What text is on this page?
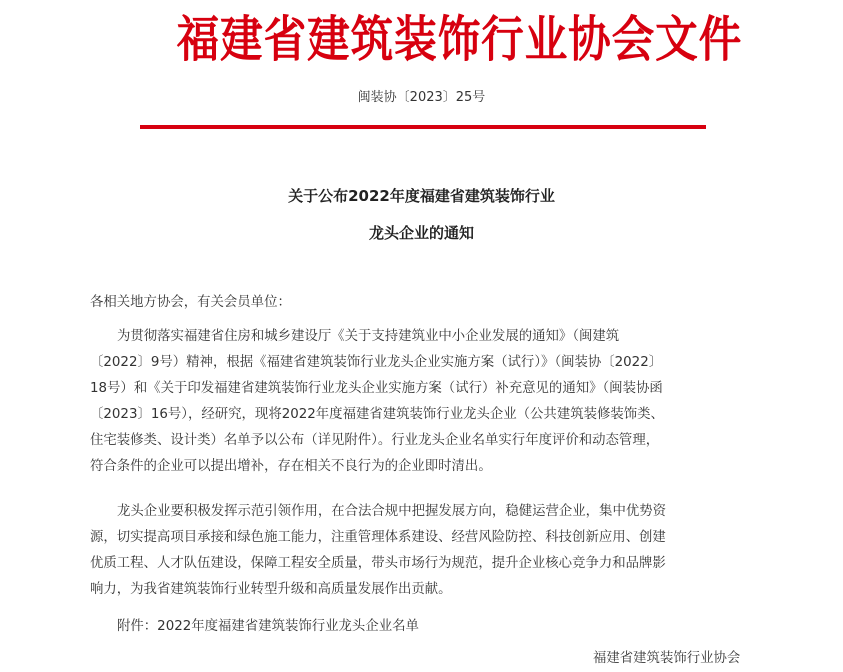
福建省建筑装饰行业协会文件
闽装协〔2023〕25号
关于公布2022年度福建省建筑装饰行业
龙头企业的通知

各相关地方协会，有关会员单位：

为贯彻落实福建省住房和城乡建设厅《关于支持建筑业中小企业发展的通知》（闽建筑
〔2022〕9号）精神，根据《福建省建筑装饰行业龙头企业实施方案（试行）》（闽装协〔2022〕
18号）和《关于印发福建省建筑装饰行业龙头企业实施方案（试行）补充意见的通知》（闽装协函
〔2023〕16号），经研究，现将2022年度福建省建筑装饰行业龙头企业（公共建筑装修装饰类、
住宅装修类、设计类）名单予以公布（详见附件）。行业龙头企业名单实行年度评价和动态管理，
符合条件的企业可以提出增补，存在相关不良行为的企业即时清出。

龙头企业要积极发挥示范引领作用，在合法合规中把握发展方向，稳健运营企业，集中优势资
源，切实提高项目承接和绿色施工能力，注重管理体系建设、经营风险防控、科技创新应用、创建
优质工程、人才队伍建设，保障工程安全质量，带头市场行为规范，提升企业核心竞争力和品牌影
响力，为我省建筑装饰行业转型升级和高质量发展作出贡献。

附件：2022年度福建省建筑装饰行业龙头企业名单

福建省建筑装饰行业协会
